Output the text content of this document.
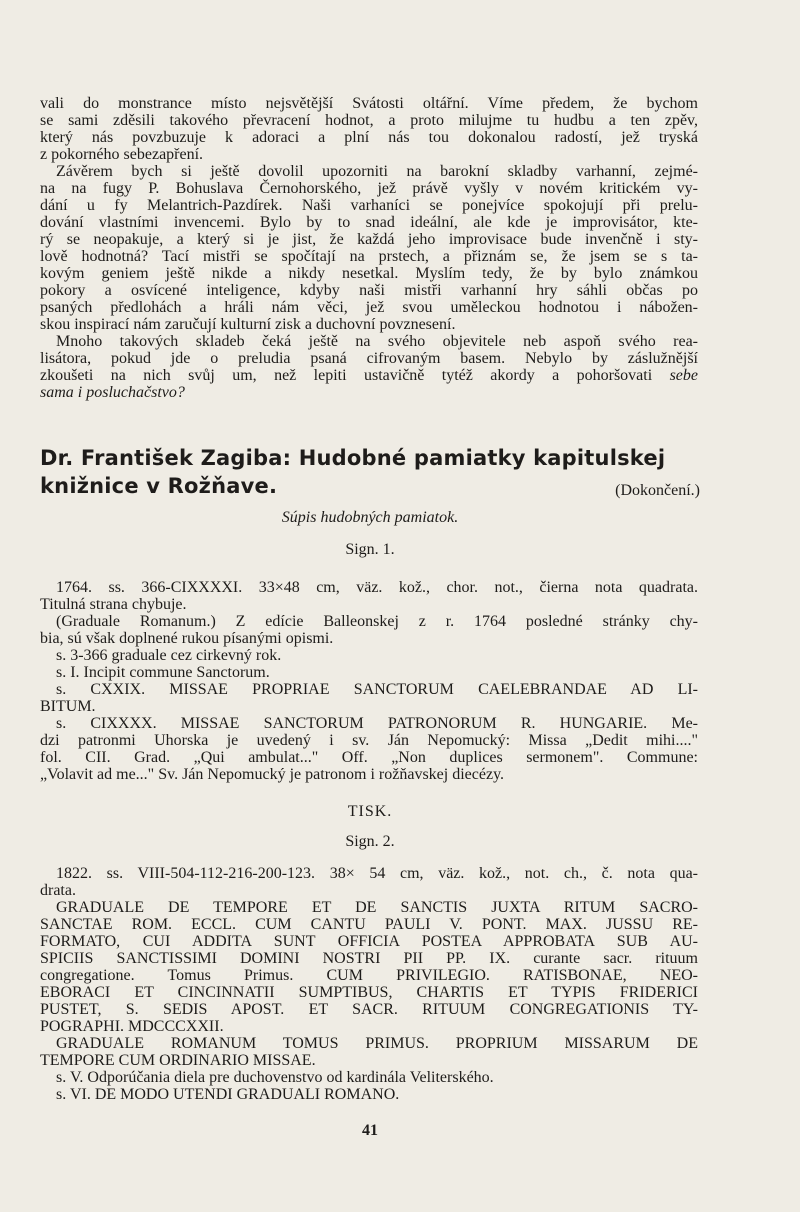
Dr. František Zagiba: Hudobné pamiatky kapitulskej
knižnice v Rožňave.	(Dokončení.)
Súpis hudobných pamiatok.
Sign. 1.
TISK.
Sign. 2.
41
vali do monstrance místo nejsvětější Svátosti oltářní. Víme předem, že bychom
se sami zděsili takového převracení hodnot, a proto milujme tu hudbu a ten zpěv,
který nás povzbuzuje k adoraci a plní nás tou dokonalou radostí, jež tryská
z pokorného sebezapření.
Závěrem bych si ještě dovolil upozorniti na barokní skladby varhanní, zejmé-
na na fugy P. Bohuslava Černohorského, jež právě vyšly v novém kritickém vy-
dání u fy Melantrich-Pazdírek. Naši varhaníci se ponejvíce spokojují při prelu-
dování vlastními invencemi. Bylo by to snad ideální, ale kde je improvisátor, kte-
rý se neopakuje, a který si je jist, že každá jeho improvisace bude invenčně i sty-
lově hodnotná? Tací mistři se spočítají na prstech, a přiznám se, že jsem se s ta-
kovým geniem ještě nikde a nikdy nesetkal. Myslím tedy, že by bylo známkou
pokory a osvícené inteligence, kdyby naši mistři varhanní hry sáhli občas po
psaných předlohách a hráli nám věci, jež svou uměleckou hodnotou i nábožen-
skou inspirací nám zaručují kulturní zisk a duchovní povznesení.
Mnoho takových skladeb čeká ještě na svého objevitele neb aspoň svého rea-
lisátora, pokud jde o preludia psaná cifrovaným basem. Nebylo by záslužnější
zkoušeti na nich svůj um, než lepiti ustavičně tytéž akordy a pohoršovati sebe
sama i posluchačstvo?
1764. ss. 366-CIXXXXI. 33×48 cm, väz. kož., chor. not., čierna nota quadrata.
Titulná strana chybuje.
(Graduale Romanum.) Z edície Balleonskej z r. 1764 posledné stránky chy-
bia, sú však doplnené rukou písanými opismi.
s. 3-366 graduale cez cirkevný rok.
s. I. Incipit commune Sanctorum.
s. CXXIX. MISSAE PROPRIAE SANCTORUM CAELEBRANDAE AD LI-
BITUM.
s. CIXXXX. MISSAE SANCTORUM PATRONORUM R. HUNGARIE. Me-
dzi patronmi Uhorska je uvedený i sv. Ján Nepomucký: Missa „Dedit mihi...."
fol. CII. Grad. „Qui ambulat..." Off. „Non duplices sermonem". Commune:
„Volavit ad me..." Sv. Ján Nepomucký je patronom i rožňavskej diecézy.
1822. ss. VIII-504-112-216-200-123. 38× 54 cm, väz. kož., not. ch., č. nota qua-
drata.
GRADUALE DE TEMPORE ET DE SANCTIS JUXTA RITUM SACRO-
SANCTAE ROM. ECCL. CUM CANTU PAULI V. PONT. MAX. JUSSU RE-
FORMATO, CUI ADDITA SUNT OFFICIA POSTEA APPROBATA SUB AU-
SPICIIS SANCTISSIMI DOMINI NOSTRI PII PP. IX. curante sacr. rituum
congregatione. Tomus Primus. CUM PRIVILEGIO. RATISBONAE, NEO-
EBORACI ET CINCINNATII SUMPTIBUS, CHARTIS ET TYPIS FRIDERICI
PUSTET, S. SEDIS APOST. ET SACR. RITUUM CONGREGATIONIS TY-
POGRAPHI. MDCCCXXII.
GRADUALE ROMANUM TOMUS PRIMUS. PROPRIUM MISSARUM DE
TEMPORE CUM ORDINARIO MISSAE.
s. V. Odporúčania diela pre duchovenstvo od kardinála Veliterského.
s. VI. DE MODO UTENDI GRADUALI ROMANO.
